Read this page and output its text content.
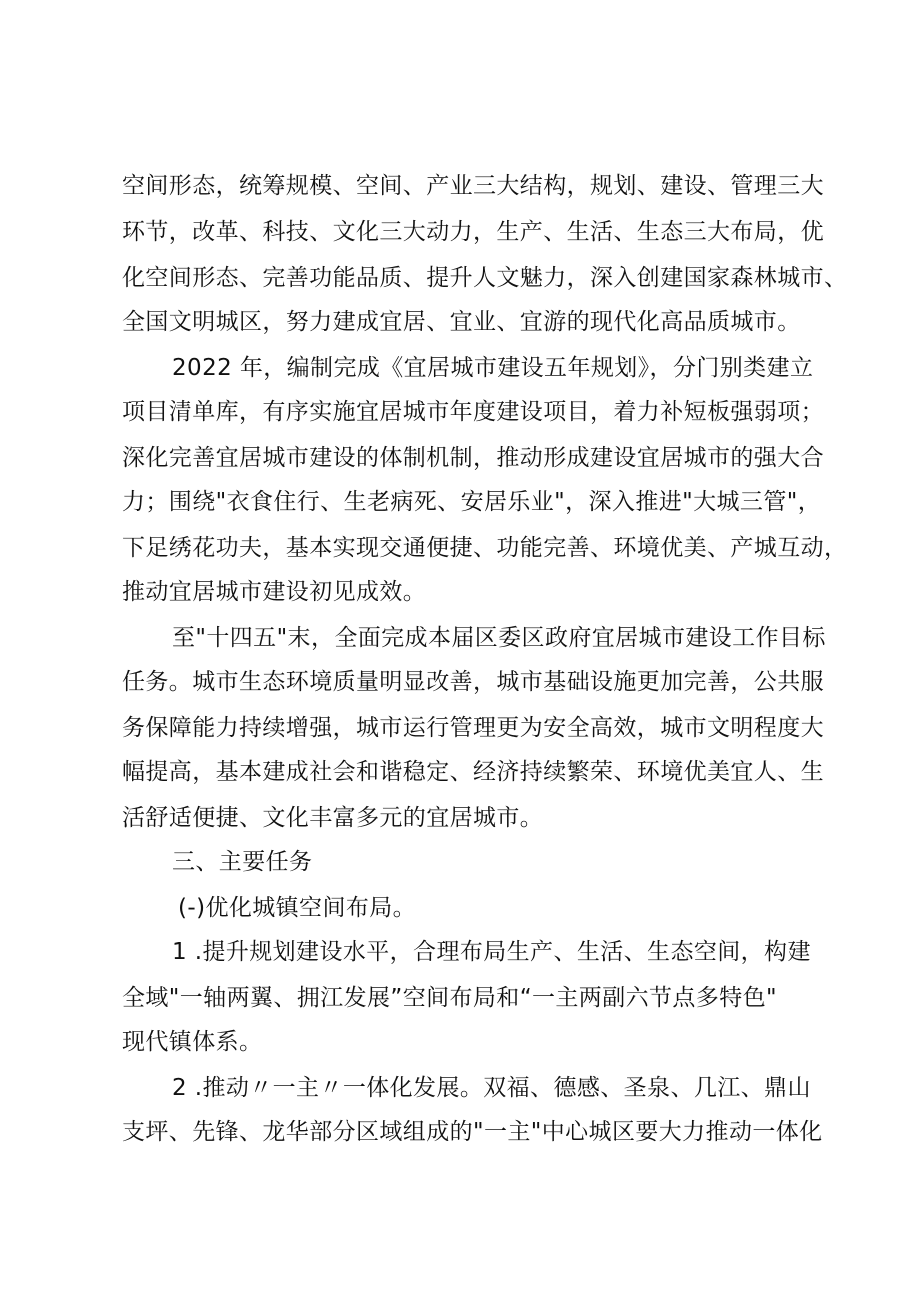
空间形态，统筹规模、空间、产业三大结构，规划、建设、管理三大
环节，改革、科技、文化三大动力，生产、生活、生态三大布局，优
化空间形态、完善功能品质、提升人文魅力，深入创建国家森林城市、
全国文明城区，努力建成宜居、宜业、宜游的现代化高品质城市。
2022 年，编制完成《宜居城市建设五年规划》，分门别类建立
项目清单库，有序实施宜居城市年度建设项目，着力补短板强弱项；
深化完善宜居城市建设的体制机制，推动形成建设宜居城市的强大合
力；围绕"衣食住行、生老病死、安居乐业"，深入推进"大城三管"，
下足绣花功夫，基本实现交通便捷、功能完善、环境优美、产城互动，
推动宜居城市建设初见成效。
至"十四五"末，全面完成本届区委区政府宜居城市建设工作目标
任务。城市生态环境质量明显改善，城市基础设施更加完善，公共服
务保障能力持续增强，城市运行管理更为安全高效，城市文明程度大
幅提高，基本建成社会和谐稳定、经济持续繁荣、环境优美宜人、生
活舒适便捷、文化丰富多元的宜居城市。
三、主要任务
(-)优化城镇空间布局。
1 .提升规划建设水平，合理布局生产、生活、生态空间，构建
全域"一轴两翼、拥江发展”空间布局和“一主两副六节点多特色"
现代镇体系。
2 .推动〃一主〃一体化发展。双福、德感、圣泉、几江、鼎山
支坪、先锋、龙华部分区域组成的"一主"中心城区要大力推动一体化
